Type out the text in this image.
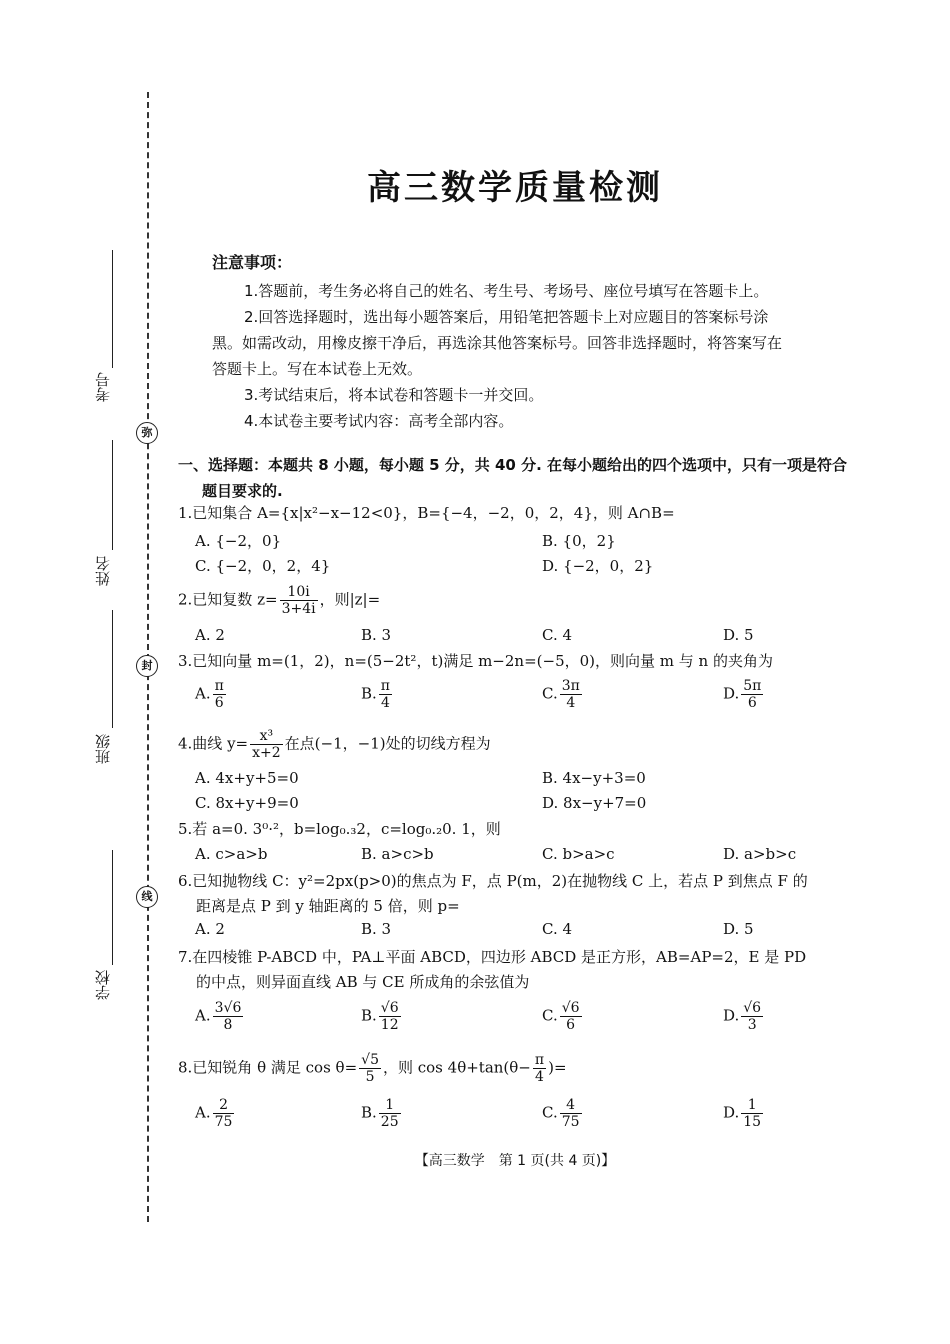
弥
封
线
考号
姓名
班级
学校
高三数学质量检测
注意事项：
1.答题前，考生务必将自己的姓名、考生号、考场号、座位号填写在答题卡上。
2.回答选择题时，选出每小题答案后，用铅笔把答题卡上对应题目的答案标号涂
黑。如需改动，用橡皮擦干净后，再选涂其他答案标号。回答非选择题时，将答案写在
答题卡上。写在本试卷上无效。
3.考试结束后，将本试卷和答题卡一并交回。
4.本试卷主要考试内容：高考全部内容。
一、选择题：本题共 8 小题，每小题 5 分，共 40 分. 在每小题给出的四个选项中，只有一项是符合
题目要求的.
1.已知集合 A={x|x²−x−12<0}，B={−4，−2，0，2，4}，则 A∩B=
A. {−2，0}	B. {0，2}
C. {−2，0，2，4}	D. {−2，0，2}
2.已知复数 $z= \frac{10i}{3+4i}$ ，则|z|=
A. 2	B. 3	C. 4	D. 5
3.已知向量 m=(1，2)，n=(5−2t²，t)满足 m−2n=(−5，0)，则向量 m 与 n 的夹角为
A. $\frac{\pi}{6}$	B. $\frac{\pi}{4}$	C. $\frac{3\pi}{4}$	D. $\frac{5\pi}{6}$
4.曲线 $y= \frac{\text{x³}}{x+2}$ 在点(−1，−1)处的切线方程为
A. 4x+y+5=0	B. 4x−y+3=0
C. 8x+y+9=0	D. 8x−y+7=0
5.若 a=0. 3⁰·²，b=log₀.₃2，c=log₀.₂0. 1，则
A. c>a>b	B. a>c>b	C. b>a>c	D. a>b>c
6.已知抛物线 C：y²=2px(p>0)的焦点为 F，点 P(m，2)在抛物线 C 上，若点 P 到焦点 F 的
距离是点 P 到 y 轴距离的 5 倍，则 p=
A. 2	B. 3	C. 4	D. 5
7.在四棱锥 P-ABCD 中，PA⊥平面 ABCD，四边形 ABCD 是正方形，AB=AP=2，E 是 PD
的中点，则异面直线 AB 与 CE 所成角的余弦值为
A. $\frac{3√6}{8}$	B. $\frac{√6}{12}$	C. $\frac{√6}{6}$	D. $\frac{√6}{3}$
8.已知锐角 θ 满足 $\cos \theta= \frac{√5}{5}$ ，则 $\cos 4\theta+\tan(\theta- \frac{\pi}{4}$ )=
A. $\frac{2}{75}$	B. $\frac{1}{25}$	C. $\frac{4}{75}$	D. $\frac{1}{15}$
【高三数学　第 1 页(共 4 页)】
